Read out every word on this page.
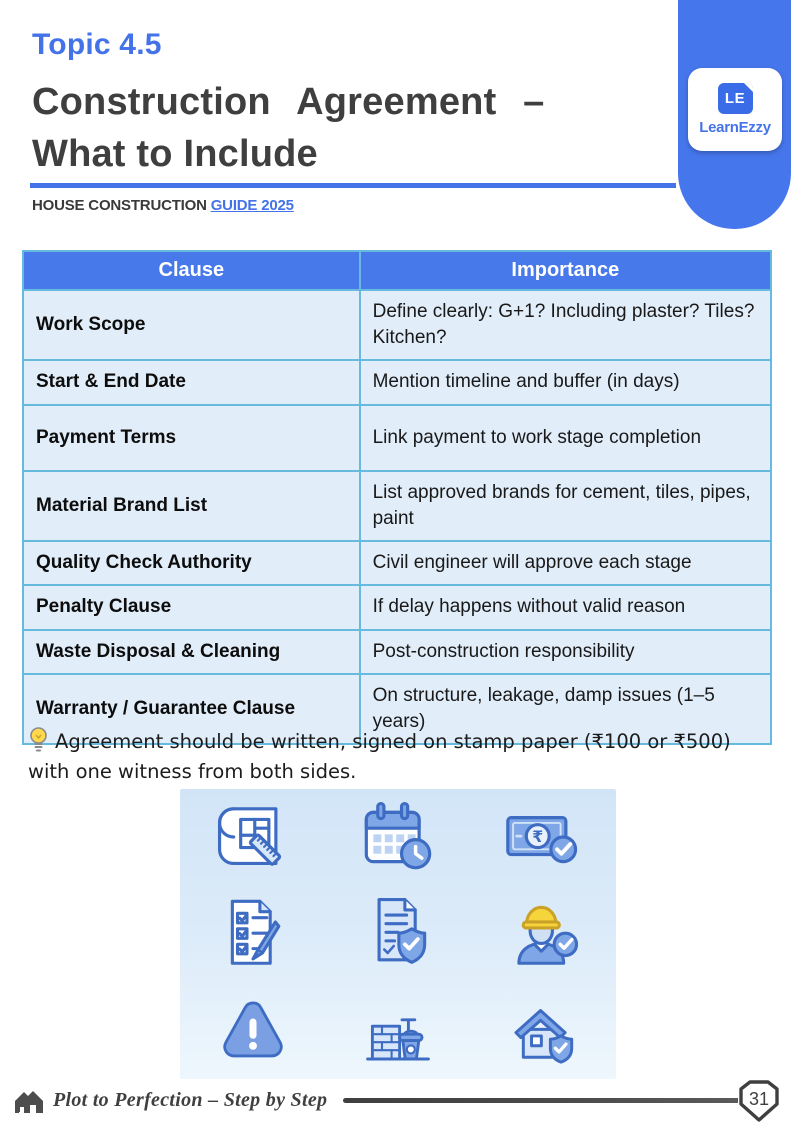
Topic 4.5
Construction Agreement –
What to Include
HOUSE CONSTRUCTION GUIDE 2025
LE
LearnEzzy
Clause	Importance
Work Scope	Define clearly: G+1? Including plaster? Tiles? Kitchen?
Start & End Date	Mention timeline and buffer (in days)
Payment Terms	Link payment to work stage completion
Material Brand List	List approved brands for cement, tiles, pipes, paint
Quality Check Authority	Civil engineer will approve each stage
Penalty Clause	If delay happens without valid reason
Waste Disposal & Cleaning	Post-construction responsibility
Warranty / Guarantee Clause	On structure, leakage, damp issues (1–5 years)
Agreement should be written, signed on stamp paper (₹100 or ₹500) with one witness from both sides.
₹
Plot to Perfection – Step by Step	31
